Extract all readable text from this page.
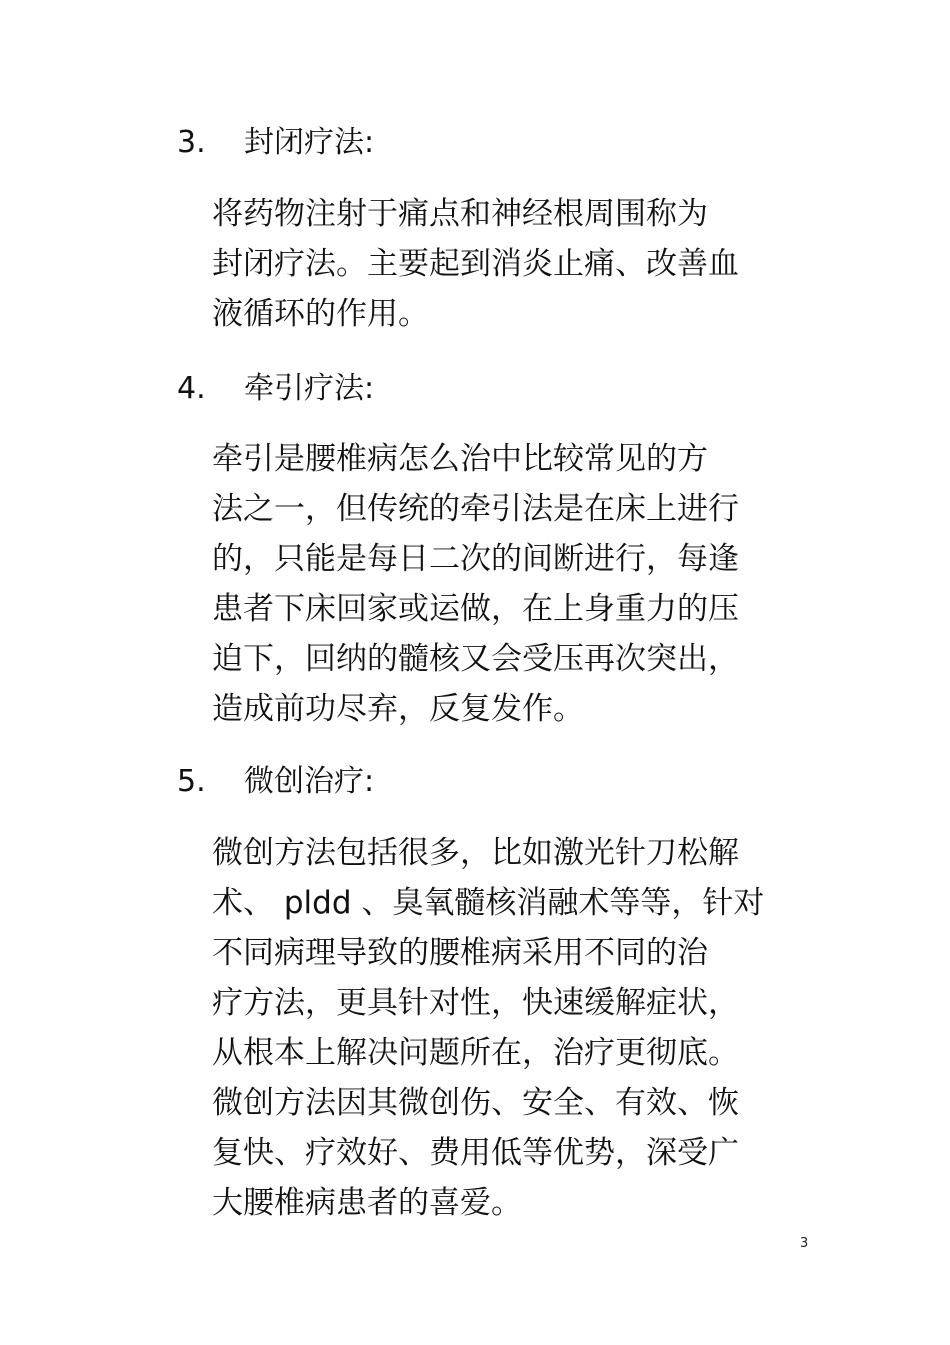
3. 封闭疗法:
将药物注射于痛点和神经根周围称为
封闭疗法。主要起到消炎止痛、改善血
液循环的作用。
4. 牵引疗法:
牵引是腰椎病怎么治中比较常见的方
法之一，但传统的牵引法是在床上进行
的，只能是每日二次的间断进行，每逢
患者下床回家或运做，在上身重力的压
迫下，回纳的髓核又会受压再次突出，
造成前功尽弃，反复发作。
5. 微创治疗:
微创方法包括很多，比如激光针刀松解
术、 pldd 、臭氧髓核消融术等等，针对
不同病理导致的腰椎病采用不同的治
疗方法，更具针对性，快速缓解症状，
从根本上解决问题所在，治疗更彻底。
微创方法因其微创伤、安全、有效、恢
复快、疗效好、费用低等优势，深受广
大腰椎病患者的喜爱。
3
